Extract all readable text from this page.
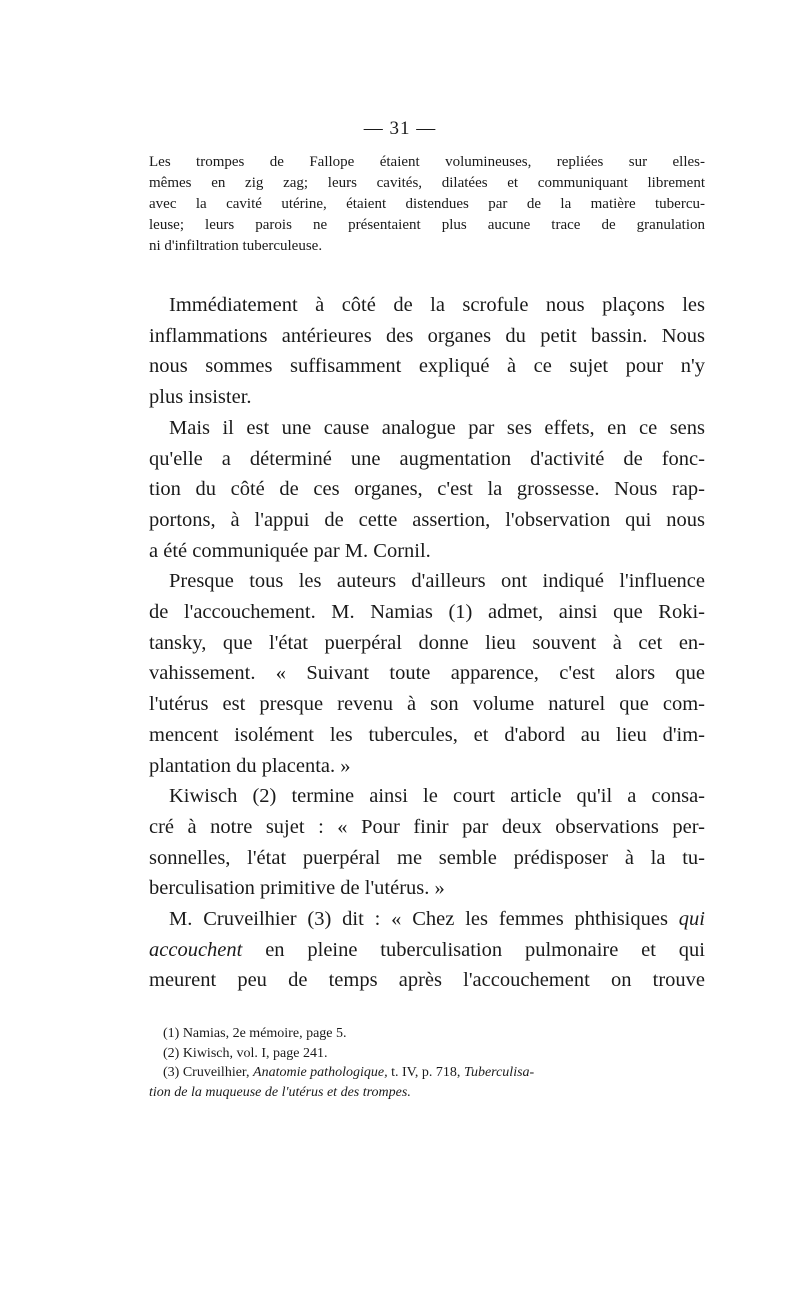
— 31 —
Les trompes de Fallope étaient volumineuses, repliées sur elles-
mêmes en zig zag; leurs cavités, dilatées et communiquant librement
avec la cavité utérine, étaient distendues par de la matière tubercu-
leuse; leurs parois ne présentaient plus aucune trace de granulation
ni d'infiltration tuberculeuse.
Immédiatement à côté de la scrofule nous plaçons les
inflammations antérieures des organes du petit bassin. Nous
nous sommes suffisamment expliqué à ce sujet pour n'y
plus insister.
Mais il est une cause analogue par ses effets, en ce sens
qu'elle a déterminé une augmentation d'activité de fonc-
tion du côté de ces organes, c'est la grossesse. Nous rap-
portons, à l'appui de cette assertion, l'observation qui nous
a été communiquée par M. Cornil.
Presque tous les auteurs d'ailleurs ont indiqué l'influence
de l'accouchement. M. Namias (1) admet, ainsi que Roki-
tansky, que l'état puerpéral donne lieu souvent à cet en-
vahissement. « Suivant toute apparence, c'est alors que
l'utérus est presque revenu à son volume naturel que com-
mencent isolément les tubercules, et d'abord au lieu d'im-
plantation du placenta. »
Kiwisch (2) termine ainsi le court article qu'il a consa-
cré à notre sujet : « Pour finir par deux observations per-
sonnelles, l'état puerpéral me semble prédisposer à la tu-
berculisation primitive de l'utérus. »
M. Cruveilhier (3) dit : « Chez les femmes phthisiques qui
accouchent en pleine tuberculisation pulmonaire et qui
meurent peu de temps après l'accouchement on trouve
(1) Namias, 2e mémoire, page 5.
(2) Kiwisch, vol. I, page 241.
(3) Cruveilhier, Anatomie pathologique, t. IV, p. 718, Tuberculisa-
tion de la muqueuse de l'utérus et des trompes.
